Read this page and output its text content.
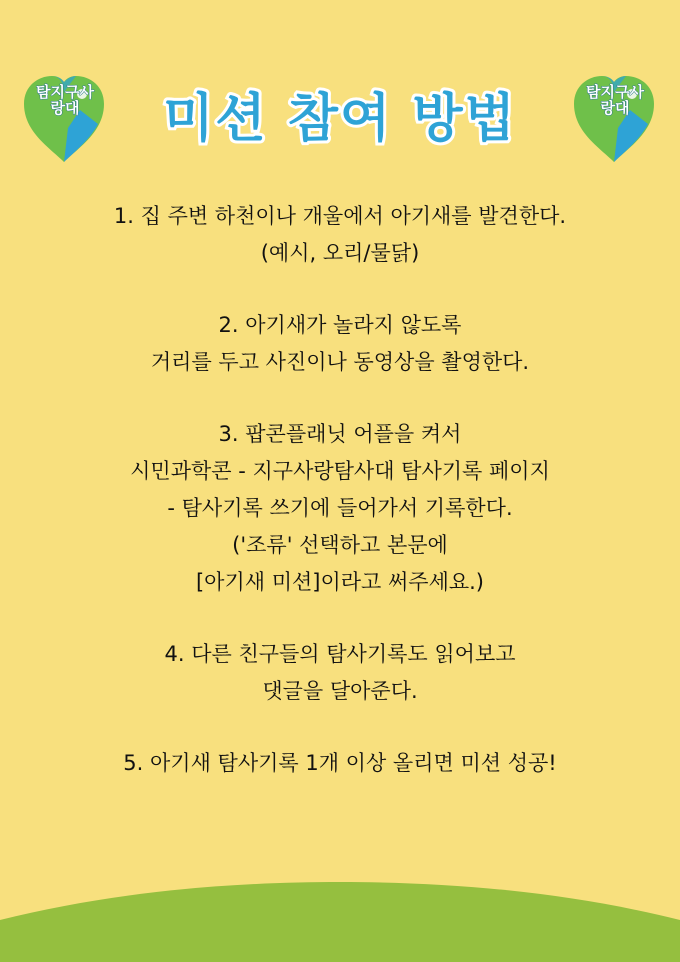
탐지구사랑대	미션 참여 방법	탐지구사랑대

1. 집 주변 하천이나 개울에서 아기새를 발견한다.

(예시, 오리/물닭)

2. 아기새가 놀라지 않도록

거리를 두고 사진이나 동영상을 촬영한다.

3. 팝콘플래닛 어플을 켜서

시민과학콘 - 지구사랑탐사대 탐사기록 페이지

- 탐사기록 쓰기에 들어가서 기록한다.

('조류' 선택하고 본문에

[아기새 미션]이라고 써주세요.)

4. 다른 친구들의 탐사기록도 읽어보고

댓글을 달아준다.

5. 아기새 탐사기록 1개 이상 올리면 미션 성공!
